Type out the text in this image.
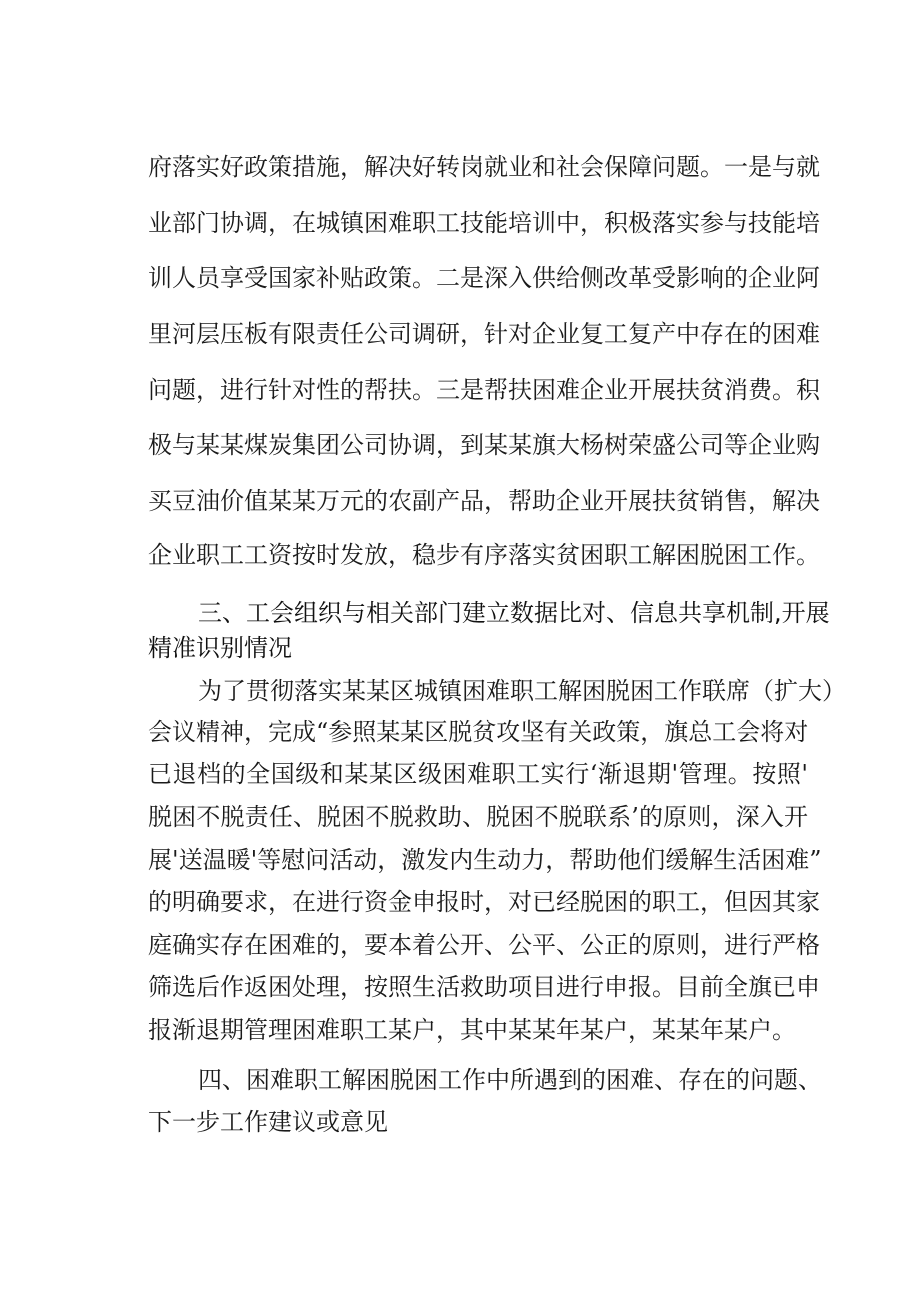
府落实好政策措施，解决好转岗就业和社会保障问题。一是与就
业部门协调，在城镇困难职工技能培训中，积极落实参与技能培
训人员享受国家补贴政策。二是深入供给侧改革受影响的企业阿
里河层压板有限责任公司调研，针对企业复工复产中存在的困难
问题，进行针对性的帮扶。三是帮扶困难企业开展扶贫消费。积
极与某某煤炭集团公司协调，到某某旗大杨树荣盛公司等企业购
买豆油价值某某万元的农副产品，帮助企业开展扶贫销售，解决
企业职工工资按时发放，稳步有序落实贫困职工解困脱困工作。
三、工会组织与相关部门建立数据比对、信息共享机制,开展
精准识别情况
为了贯彻落实某某区城镇困难职工解困脱困工作联席（扩大）
会议精神，完成“参照某某区脱贫攻坚有关政策，旗总工会将对
已退档的全国级和某某区级困难职工实行‘渐退期'管理。按照'
脱困不脱责任、脱困不脱救助、脱困不脱联系’的原则，深入开
展'送温暖'等慰问活动，激发内生动力，帮助他们缓解生活困难”
的明确要求，在进行资金申报时，对已经脱困的职工，但因其家
庭确实存在困难的，要本着公开、公平、公正的原则，进行严格
筛选后作返困处理，按照生活救助项目进行申报。目前全旗已申
报渐退期管理困难职工某户，其中某某年某户，某某年某户。
四、困难职工解困脱困工作中所遇到的困难、存在的问题、
下一步工作建议或意见
